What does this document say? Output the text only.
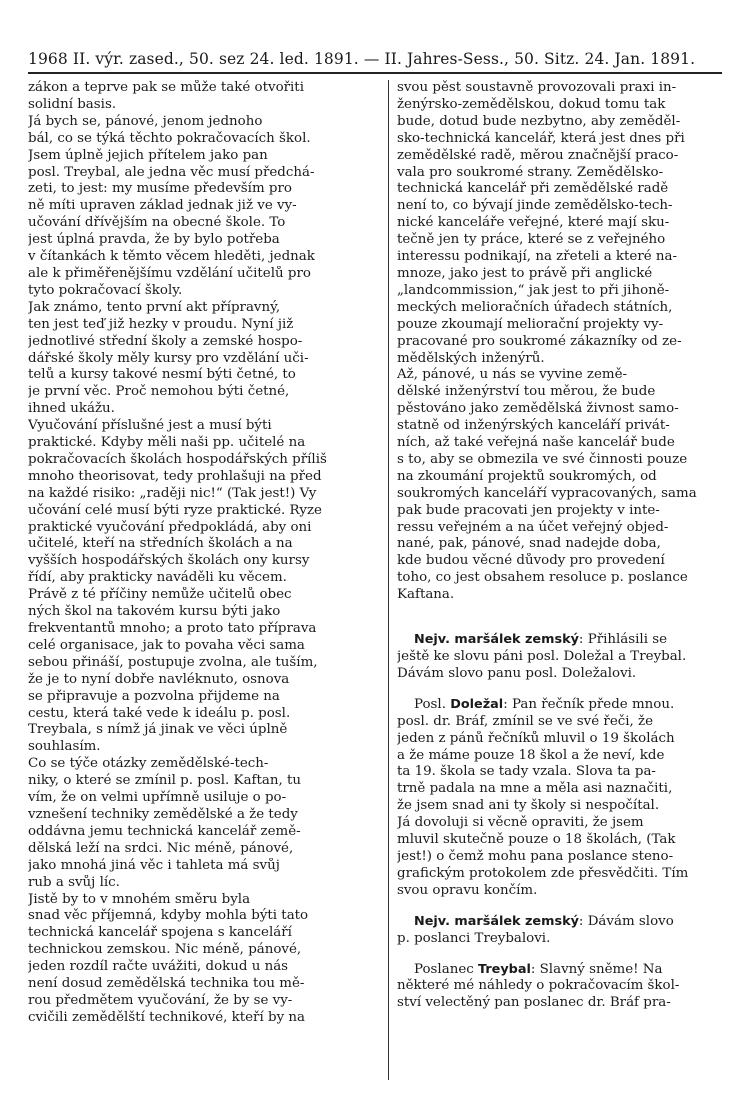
1968 II. výr. zased., 50. sez 24. led. 1891. — II. Jahres-Sess., 50. Sitz. 24. Jan. 1891.
zákon a teprve pak se může také otvořiti
solidní basis.
Já bych se, pánové, jenom jednoho
bál, co se týká těchto pokračovacích škol.
Jsem úplně jejich přítelem jako pan
posl. Treybal, ale jedna věc musí předchá-
zeti, to jest: my musíme především pro
ně míti upraven základ jednak již ve vy-
učování dřívějším na obecné škole. To
jest úplná pravda, že by bylo potřeba
v čítankách k těmto věcem hleděti, jednak
ale k přiměřenějšímu vzdělání učitelů pro
tyto pokračovací školy.
Jak známo, tento první akt přípravný,
ten jest teď již hezky v proudu. Nyní již
jednotlivé střední školy a zemské hospo-
dářské školy měly kursy pro vzdělání uči-
telů a kursy takové nesmí býti četné, to
je první věc. Proč nemohou býti četné,
ihned ukážu.
Vyučování příslušné jest a musí býti
praktické. Kdyby měli naši pp. učitelé na
pokračovacích školách hospodářských příliš
mnoho theorisovat, tedy prohlašuji na před
na každé risiko: „raději nic!“ (Tak jest!) Vy
učování celé musí býti ryze praktické. Ryze
praktické vyučování předpokládá, aby oni
učitelé, kteří na středních školách a na
vyšších hospodářských školách ony kursy
řídí, aby prakticky naváděli ku věcem.
Právě z té příčiny nemůže učitelů obec
ných škol na takovém kursu býti jako
frekventantů mnoho; a proto tato příprava
celé organisace, jak to povaha věci sama
sebou přináší, postupuje zvolna, ale tuším,
že je to nyní dobře navléknuto, osnova
se připravuje a pozvolna přijdeme na
cestu, která také vede k ideálu p. posl.
Treybala, s nímž já jinak ve věci úplně
souhlasím.
Co se týče otázky zemědělské-tech-
niky, o které se zmínil p. posl. Kaftan, tu
vím, že on velmi upřímně usiluje o po-
vznešení techniky zemědělské a že tedy
oddávna jemu technická kancelář země-
dělská leží na srdci. Nic méně, pánové,
jako mnohá jiná věc i tahleta má svůj
rub a svůj líc.
Jistě by to v mnohém směru byla
snad věc příjemná, kdyby mohla býti tato
technická kancelář spojena s kanceláří
technickou zemskou. Nic méně, pánové,
jeden rozdíl račte uvážiti, dokud u nás
není dosud zemědělská technika tou mě-
rou předmětem vyučování, že by se vy-
cvičili zemědělští technikové, kteří by na
svou pěst soustavně provozovali praxi in-
ženýrsko-zemědělskou, dokud tomu tak
bude, dotud bude nezbytno, aby zeměděl-
sko-technická kancelář, která jest dnes při
zemědělské radě, měrou značnější praco-
vala pro soukromé strany. Zemědělsko-
technická kancelář při zemědělské radě
není to, co bývají jinde zemědělsko-tech-
nické kanceláře veřejné, které mají sku-
tečně jen ty práce, které se z veřejného
interessu podnikají, na zřeteli a které na-
mnoze, jako jest to právě při anglické
„landcommission,“ jak jest to při jihoně-
meckých melioračních úřadech státních,
pouze zkoumají meliorační projekty vy-
pracované pro soukromé zákazníky od ze-
mědělských inženýrů.
Až, pánové, u nás se vyvine země-
dělské inženýrství tou měrou, že bude
pěstováno jako zemědělská živnost samo-
statně od inženýrských kanceláří privát-
ních, až také veřejná naše kancelář bude
s to, aby se obmezila ve své činnosti pouze
na zkoumání projektů soukromých, od
soukromých kanceláří vypracovaných, sama
pak bude pracovati jen projekty v inte-
ressu veřejném a na účet veřejný objed-
nané, pak, pánové, snad nadejde doba,
kde budou věcné důvody pro provedení
toho, co jest obsahem resoluce p. poslance
Kaftana.
Nejv. maršálek zemský: Přihlásili se
ještě ke slovu páni posl. Doležal a Treybal.
Dávám slovo panu posl. Doležalovi.
Posl. Doležal: Pan řečník přede mnou.
posl. dr. Bráf, zmínil se ve své řeči, že
jeden z pánů řečníků mluvil o 19 školách
a že máme pouze 18 škol a že neví, kde
ta 19. škola se tady vzala. Slova ta pa-
trně padala na mne a měla asi naznačiti,
že jsem snad ani ty školy si nespočítal.
Já dovoluji si věcně opraviti, že jsem
mluvil skutečně pouze o 18 školách, (Tak
jest!) o čemž mohu pana poslance steno-
grafickým protokolem zde přesvědčiti. Tím
svou opravu končím.
Nejv. maršálek zemský: Dávám slovo
p. poslanci Treybalovi.
Poslanec Treybal: Slavný sněme! Na
některé mé náhledy o pokračovacím škol-
ství velectěný pan poslanec dr. Bráf pra-
